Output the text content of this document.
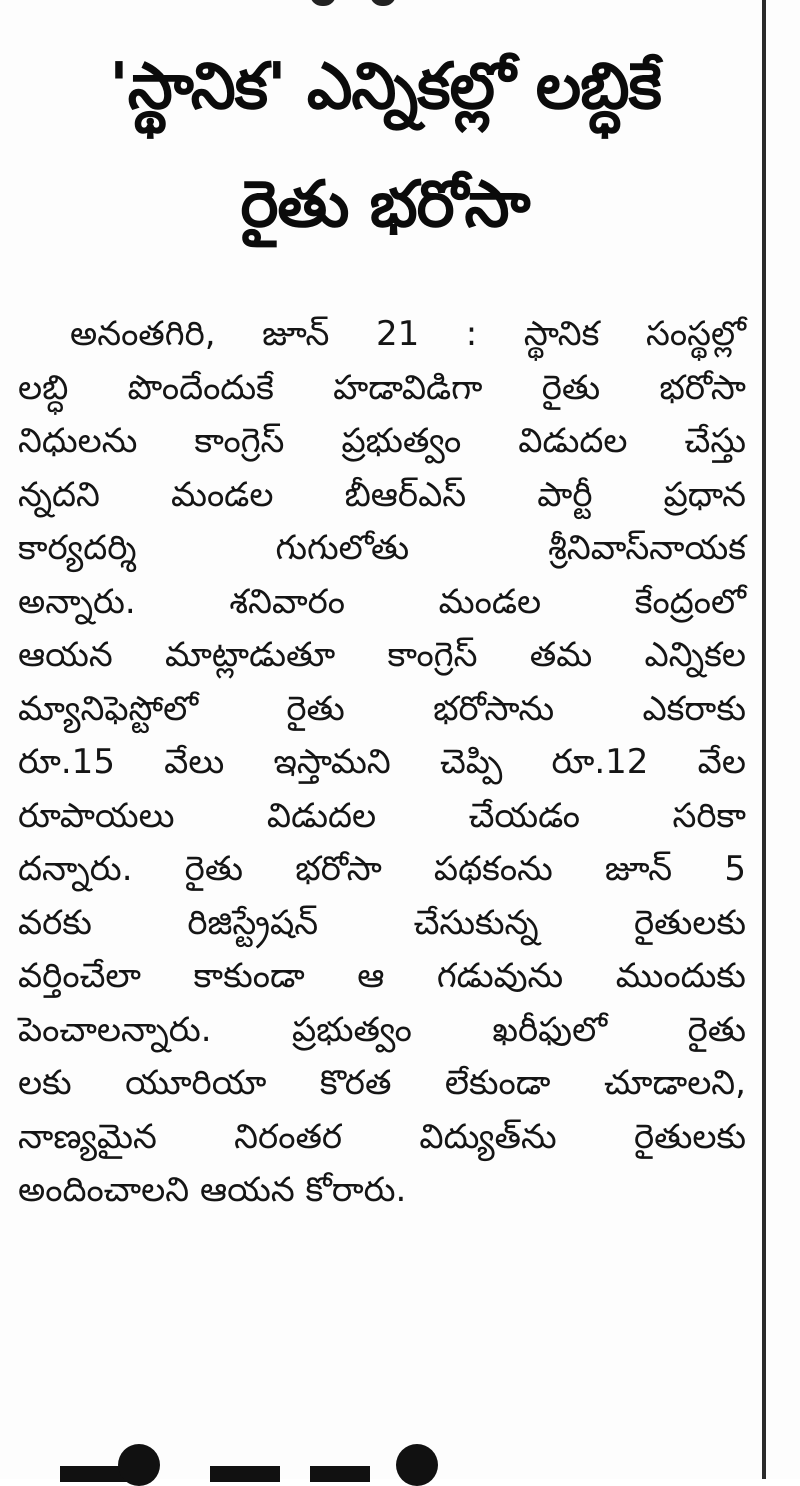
'స్థానిక' ఎన్నికల్లో లబ్ధికే
రైతు భరోసా
అనంతగిరి, జూన్ 21 : స్థానిక సంస్థల్లో
లబ్ధి పొందేందుకే హడావిడిగా రైతు భరోసా
నిధులను కాంగ్రెస్ ప్రభుత్వం విడుదల చేస్తు
న్నదని మండల బీఆర్ఎస్ పార్టీ ప్రధాన
కార్యదర్శి	గుగులోతు	శ్రీనివాస్‌నాయక
అన్నారు.	శనివారం	మండల	కేంద్రంలో
ఆయన మాట్లాడుతూ కాంగ్రెస్ తమ ఎన్నికల
మ్యానిఫెస్టోలో	రైతు	భరోసాను	ఎకరాకు
రూ.15 వేలు ఇస్తామని చెప్పి రూ.12 వేల
రూపాయలు	విడుదల	చేయడం	సరికా
దన్నారు. రైతు భరోసా పథకంను జూన్ 5
వరకు	రిజిస్ట్రేషన్	చేసుకున్న	రైతులకు
వర్తించేలా కాకుండా ఆ గడువును ముందుకు
పెంచాలన్నారు. ప్రభుత్వం ఖరీఫులో రైతు
లకు యూరియా కొరత లేకుండా చూడాలని,
నాణ్యమైన నిరంతర విద్యుత్‌ను రైతులకు
అందించాలని ఆయన కోరారు.
